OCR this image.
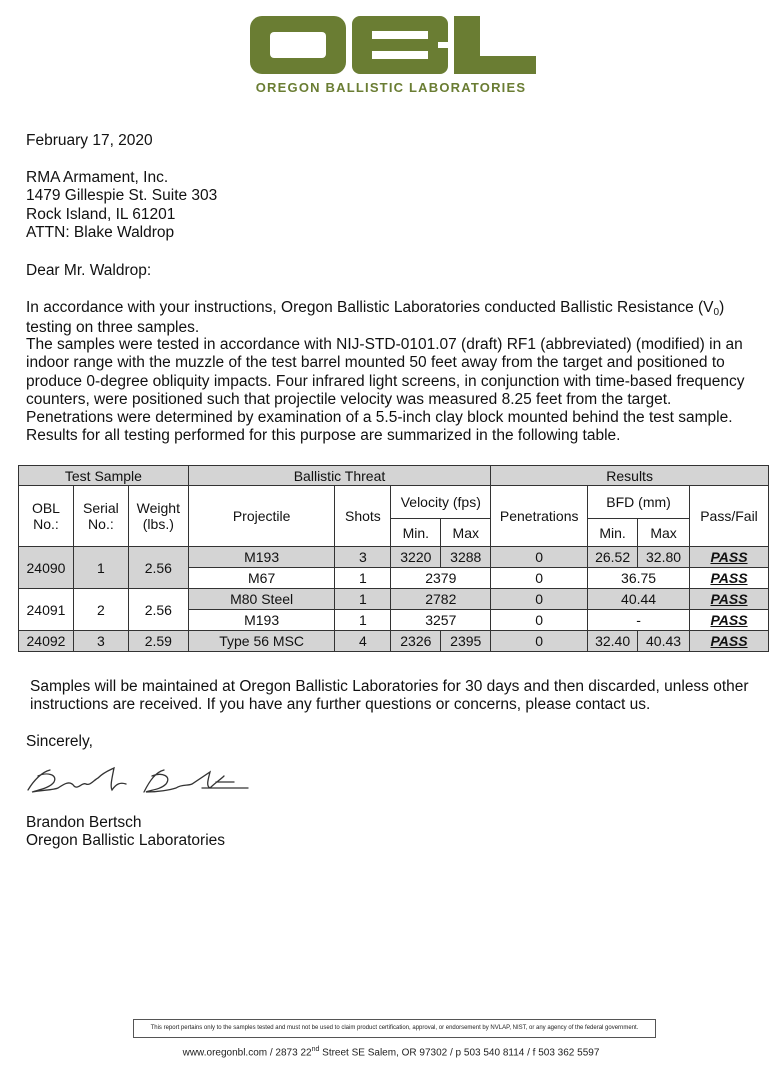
OREGON BALLISTIC LABORATORIES
February 17, 2020
RMA Armament, Inc.
1479 Gillespie St. Suite 303
Rock Island, IL 61201
ATTN: Blake Waldrop
Dear Mr. Waldrop:
In accordance with your instructions, Oregon Ballistic Laboratories conducted Ballistic Resistance (V0) testing on three samples.
The samples were tested in accordance with NIJ-STD-0101.07 (draft) RF1 (abbreviated) (modified) in an indoor range with the muzzle of the test barrel mounted 50 feet away from the target and positioned to produce 0-degree obliquity impacts. Four infrared light screens, in conjunction with time-based frequency counters, were positioned such that projectile velocity was measured 8.25 feet from the target. Penetrations were determined by examination of a 5.5-inch clay block mounted behind the test sample. Results for all testing performed for this purpose are summarized in the following table.
Test Sample			Ballistic Threat				Results			
OBL No.:	Serial No.:	Weight (lbs.)	Projectile	Shots	Velocity (fps)		Penetrations	BFD (mm)		Pass/Fail
					Min.	Max		Min.	Max	
24090	1	2.56	M193	3	3220	3288	0	26.52	32.80	PASS
			M67	1	2379		0	36.75		PASS
24091	2	2.56	M80 Steel	1	2782		0	40.44		PASS
			M193	1	3257		0	-		PASS
24092	3	2.59	Type 56 MSC	4	2326	2395	0	32.40	40.43	PASS
Samples will be maintained at Oregon Ballistic Laboratories for 30 days and then discarded, unless other instructions are received. If you have any further questions or concerns, please contact us.
Sincerely,
Brandon Bertsch
Oregon Ballistic Laboratories
This report pertains only to the samples tested and must not be used to claim product certification, approval, or endorsement by NVLAP, NIST, or any agency of the federal government.
www.oregonbl.com / 2873 22nd Street SE Salem, OR 97302 / p 503 540 8114 / f 503 362 5597
